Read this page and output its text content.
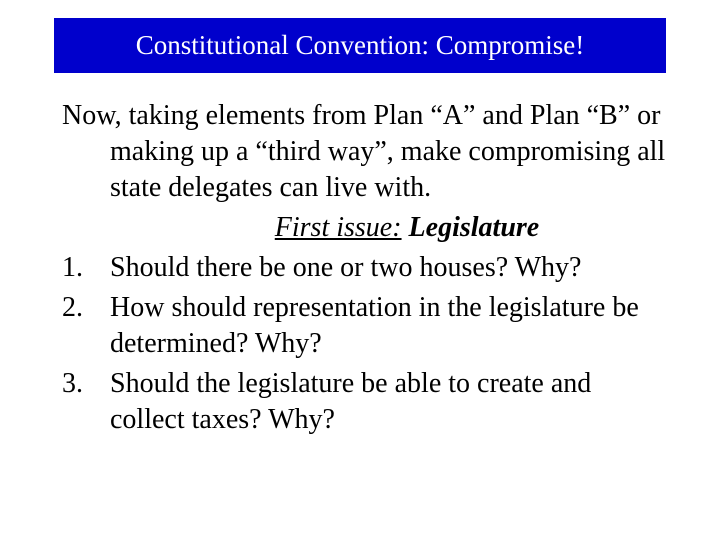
Constitutional Convention: Compromise!
Now, taking elements from Plan “A” and Plan “B” or making up a “third way”, make compromising all state delegates can live with.
First issue: Legislature
1. Should there be one or two houses? Why?
2. How should representation in the legislature be determined? Why?
3. Should the legislature be able to create and collect taxes? Why?
